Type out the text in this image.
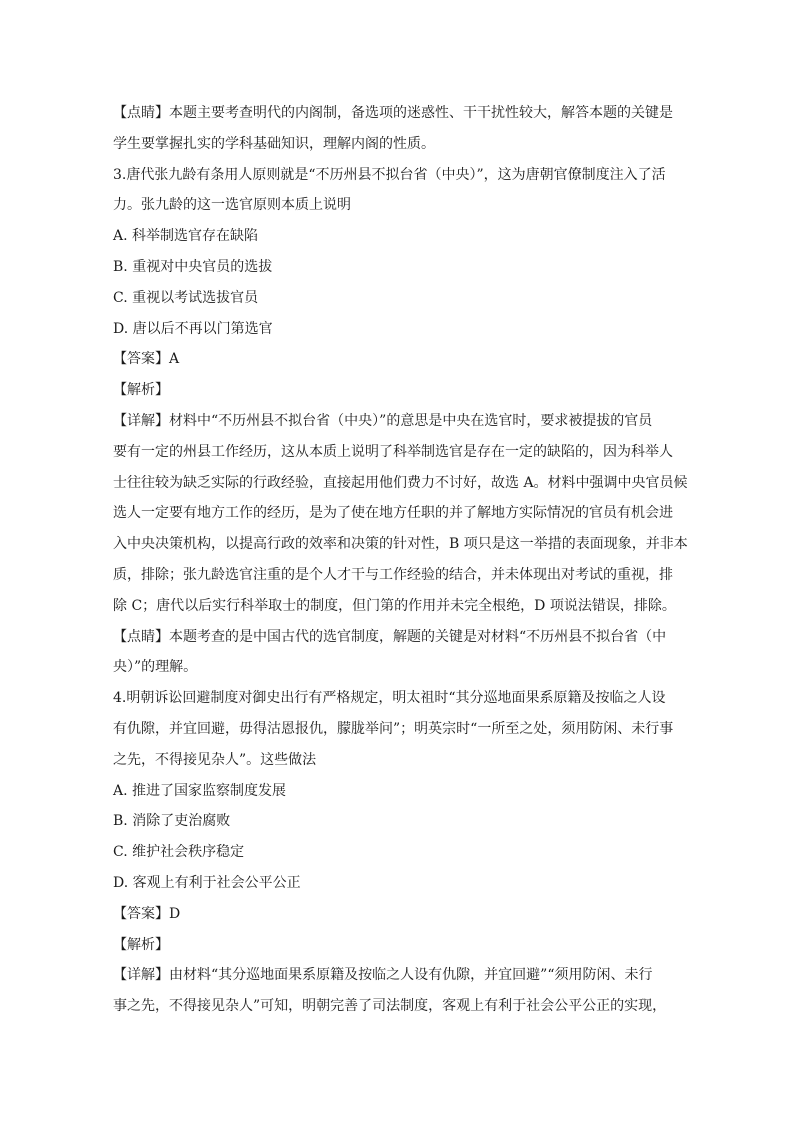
【点睛】本题主要考查明代的内阁制，备选项的迷惑性、干干扰性较大，解答本题的关键是
学生要掌握扎实的学科基础知识，理解内阁的性质。
3.唐代张九龄有条用人原则就是“不历州县不拟台省（中央）”，这为唐朝官僚制度注入了活
力。张九龄的这一选官原则本质上说明
A. 科举制选官存在缺陷
B. 重视对中央官员的选拔
C. 重视以考试选拔官员
D. 唐以后不再以门第选官
【答案】A
【解析】
【详解】材料中“不历州县不拟台省（中央）”的意思是中央在选官时，要求被提拔的官员
要有一定的州县工作经历，这从本质上说明了科举制选官是存在一定的缺陷的，因为科举人
士往往较为缺乏实际的行政经验，直接起用他们费力不讨好，故选 A。材料中强调中央官员候
选人一定要有地方工作的经历，是为了使在地方任职的并了解地方实际情况的官员有机会进
入中央决策机构，以提高行政的效率和决策的针对性，B 项只是这一举措的表面现象，并非本
质，排除；张九龄选官注重的是个人才干与工作经验的结合，并未体现出对考试的重视，排
除 C；唐代以后实行科举取士的制度，但门第的作用并未完全根绝，D 项说法错误，排除。
【点睛】本题考查的是中国古代的选官制度，解题的关键是对材料“不历州县不拟台省（中
央）”的理解。
4.明朝诉讼回避制度对御史出行有严格规定，明太祖时“其分巡地面果系原籍及按临之人设
有仇隙，并宜回避，毋得沽恩报仇，朦胧举问”；明英宗时“一所至之处，须用防闲、未行事
之先，不得接见杂人”。这些做法
A. 推进了国家监察制度发展
B. 消除了吏治腐败
C. 维护社会秩序稳定
D. 客观上有利于社会公平公正
【答案】D
【解析】
【详解】由材料“其分巡地面果系原籍及按临之人设有仇隙，并宜回避”“须用防闲、未行
事之先，不得接见杂人”可知，明朝完善了司法制度，客观上有利于社会公平公正的实现，
